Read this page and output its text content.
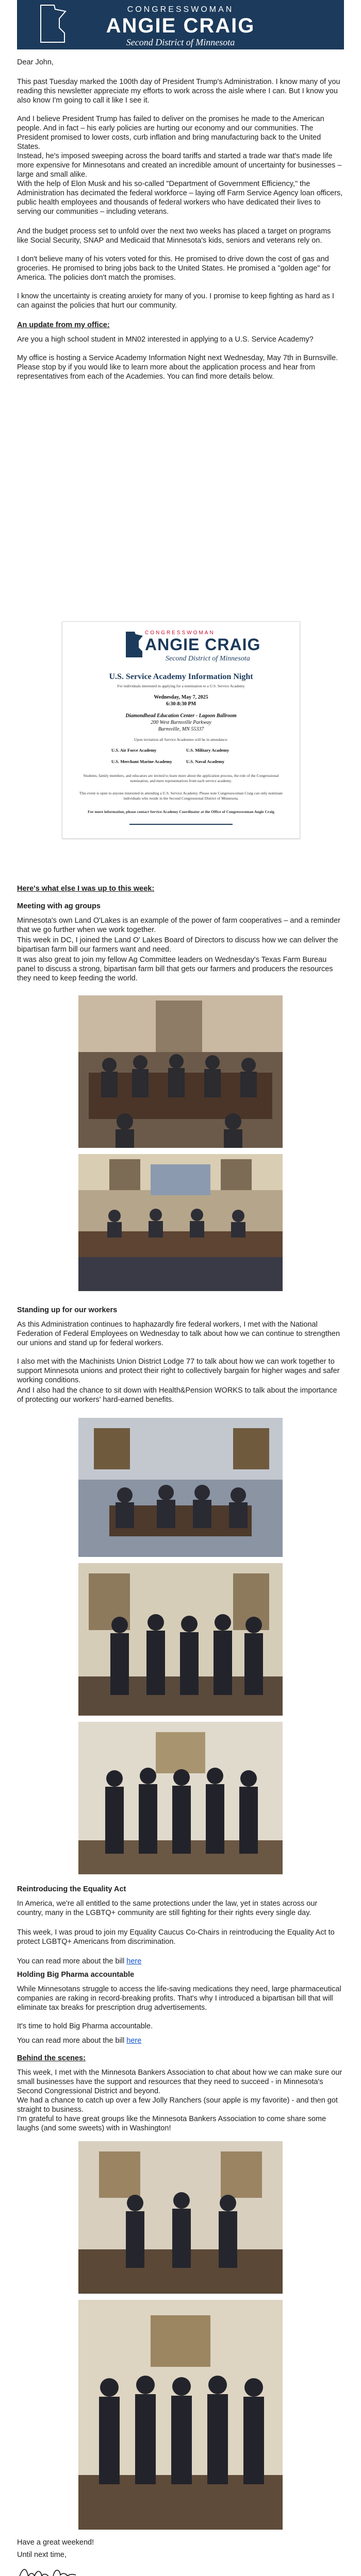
CONGRESSWOMAN
ANGIE CRAIG
Second District of Minnesota
Dear John,
This past Tuesday marked the 100th day of President Trump's Administration. I know many of you reading this newsletter appreciate my efforts to work across the aisle where I can. But I know you also know I'm going to call it like I see it.
And I believe President Trump has failed to deliver on the promises he made to the American people. And in fact – his early policies are hurting our economy and our communities. The President promised to lower costs, curb inflation and bring manufacturing back to the United States.
Instead, he's imposed sweeping across the board tariffs and started a trade war that's made life more expensive for Minnesotans and created an incredible amount of uncertainty for businesses – large and small alike.
With the help of Elon Musk and his so-called "Department of Government Efficiency," the Administration has decimated the federal workforce – laying off Farm Service Agency loan officers, public health employees and thousands of federal workers who have dedicated their lives to serving our communities – including veterans.
And the budget process set to unfold over the next two weeks has placed a target on programs like Social Security, SNAP and Medicaid that Minnesota's kids, seniors and veterans rely on.
I don't believe many of his voters voted for this. He promised to drive down the cost of gas and groceries. He promised to bring jobs back to the United States. He promised a "golden age" for America. The policies don't match the promises.
I know the uncertainty is creating anxiety for many of you. I promise to keep fighting as hard as I can against the policies that hurt our community.
An update from my office:
Are you a high school student in MN02 interested in applying to a U.S. Service Academy?
My office is hosting a Service Academy Information Night next Wednesday, May 7th in Burnsville. Please stop by if you would like to learn more about the application process and hear from representatives from each of the Academies. You can find more details below.
CONGRESSWOMAN
ANGIE CRAIG
Second District of Minnesota
U.S. Service Academy Information Night
For individuals interested in applying for a nomination to a U.S. Service Academy
Wednesday, May 7, 2025
6:30-8:30 PM
Diamondhead Education Center - Lagoon Ballroom
200 West Burnsville Parkway
Burnsville, MN 55337
Upon invitation all Service Academies will be in attendance:
U.S. Air Force Academy	U.S. Military Academy
U.S. Merchant Marine Academy	U.S. Naval Academy
Students, family members, and educators are invited to learn more about the application process, the role of the Congressional nomination, and meet representatives from each service academy.
This event is open to anyone interested in attending a U.S. Service Academy. Please note Congresswoman Craig can only nominate individuals who reside in the Second Congressional District of Minnesota.
For more information, please contact Service Academy Coordinator at the Office of Congresswoman Angie Craig
Here's what else I was up to this week:
Meeting with ag groups
Minnesota's own Land O'Lakes is an example of the power of farm cooperatives – and a reminder that we go further when we work together.
This week in DC, I joined the Land O' Lakes Board of Directors to discuss how we can deliver the bipartisan farm bill our farmers want and need.
It was also great to join my fellow Ag Committee leaders on Wednesday's Texas Farm Bureau panel to discuss a strong, bipartisan farm bill that gets our farmers and producers the resources they need to keep feeding the world.
Standing up for our workers
As this Administration continues to haphazardly fire federal workers, I met with the National Federation of Federal Employees on Wednesday to talk about how we can continue to strengthen our unions and stand up for federal workers.
I also met with the Machinists Union District Lodge 77 to talk about how we can work together to support Minnesota unions and protect their right to collectively bargain for higher wages and safer working conditions.
And I also had the chance to sit down with Health&Pension WORKS to talk about the importance of protecting our workers' hard-earned benefits.
Reintroducing the Equality Act
In America, we're all entitled to the same protections under the law, yet in states across our country, many in the LGBTQ+ community are still fighting for their rights every single day.
This week, I was proud to join my Equality Caucus Co-Chairs in reintroducing the Equality Act to protect LGBTQ+ Americans from discrimination.
You can read more about the bill here
Holding Big Pharma accountable
While Minnesotans struggle to access the life-saving medications they need, large pharmaceutical companies are raking in record-breaking profits. That's why I introduced a bipartisan bill that will eliminate tax breaks for prescription drug advertisements.
It's time to hold Big Pharma accountable.
You can read more about the bill here
Behind the scenes:
This week, I met with the Minnesota Bankers Association to chat about how we can make sure our small businesses have the support and resources that they need to succeed - in Minnesota's Second Congressional District and beyond.
We had a chance to catch up over a few Jolly Ranchers (sour apple is my favorite) - and then got straight to business.
I'm grateful to have great groups like the Minnesota Bankers Association to come share some laughs (and some sweets) with in Washington!
Have a great weekend!
Until next time,
